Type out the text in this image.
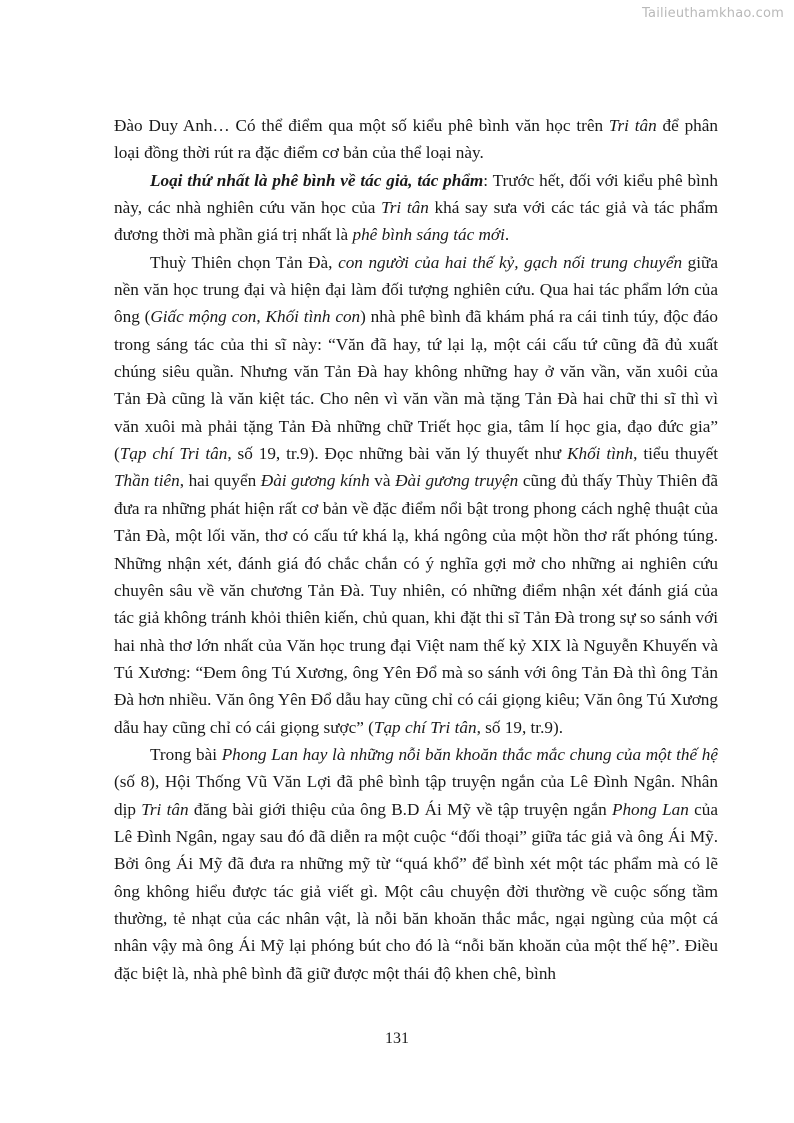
Tailieuthamkhao.com

Đào Duy Anh… Có thể điểm qua một số kiểu phê bình văn học trên Tri tân để phân loại đồng thời rút ra đặc điểm cơ bản của thể loại này.

Loại thứ nhất là phê bình về tác giả, tác phẩm: Trước hết, đối với kiểu phê bình này, các nhà nghiên cứu văn học của Tri tân khá say sưa với các tác giả và tác phẩm đương thời mà phần giá trị nhất là phê bình sáng tác mới.

Thuỳ Thiên chọn Tản Đà, con người của hai thế kỷ, gạch nối trung chuyển giữa nền văn học trung đại và hiện đại làm đối tượng nghiên cứu. Qua hai tác phẩm lớn của ông (Giấc mộng con, Khối tình con) nhà phê bình đã khám phá ra cái tinh túy, độc đáo trong sáng tác của thi sĩ này: “Văn đã hay, tứ lại lạ, một cái cấu tứ cũng đã đủ xuất chúng siêu quần. Nhưng văn Tản Đà hay không những hay ở văn vần, văn xuôi của Tản Đà cũng là văn kiệt tác. Cho nên vì văn vần mà tặng Tản Đà hai chữ thi sĩ thì vì văn xuôi mà phải tặng Tản Đà những chữ Triết học gia, tâm lí học gia, đạo đức gia” (Tạp chí Tri tân, số 19, tr.9). Đọc những bài văn lý thuyết như Khối tình, tiểu thuyết Thần tiên, hai quyển Đài gương kính và Đài gương truyện cũng đủ thấy Thùy Thiên đã đưa ra những phát hiện rất cơ bản về đặc điểm nổi bật trong phong cách nghệ thuật của Tản Đà, một lối văn, thơ có cấu tứ khá lạ, khá ngông của một hồn thơ rất phóng túng. Những nhận xét, đánh giá đó chắc chắn có ý nghĩa gợi mở cho những ai nghiên cứu chuyên sâu về văn chương Tản Đà. Tuy nhiên, có những điểm nhận xét đánh giá của tác giả không tránh khỏi thiên kiến, chủ quan, khi đặt thi sĩ Tản Đà trong sự so sánh với hai nhà thơ lớn nhất của Văn học trung đại Việt nam thế kỷ XIX là Nguyễn Khuyến và Tú Xương: “Đem ông Tú Xương, ông Yên Đổ mà so sánh với ông Tản Đà thì ông Tản Đà hơn nhiều. Văn ông Yên Đổ dẫu hay cũng chỉ có cái giọng kiêu; Văn ông Tú Xương dẫu hay cũng chỉ có cái giọng sược” (Tạp chí Tri tân, số 19, tr.9).

Trong bài Phong Lan hay là những nỗi băn khoăn thắc mắc chung của một thế hệ (số 8), Hội Thống Vũ Văn Lợi đã phê bình tập truyện ngắn của Lê Đình Ngân. Nhân dịp Tri tân đăng bài giới thiệu của ông B.D Ái Mỹ về tập truyện ngắn Phong Lan của Lê Đình Ngân, ngay sau đó đã diễn ra một cuộc “đối thoại” giữa tác giả và ông Ái Mỹ. Bởi ông Ái Mỹ đã đưa ra những mỹ từ “quá khổ” để bình xét một tác phẩm mà có lẽ ông không hiểu được tác giả viết gì. Một câu chuyện đời thường về cuộc sống tầm thường, tẻ nhạt của các nhân vật, là nỗi băn khoăn thắc mắc, ngại ngùng của một cá nhân vậy mà ông Ái Mỹ lại phóng bút cho đó là “nỗi băn khoăn của một thế hệ”. Điều đặc biệt là, nhà phê bình đã giữ được một thái độ khen chê, bình

131
